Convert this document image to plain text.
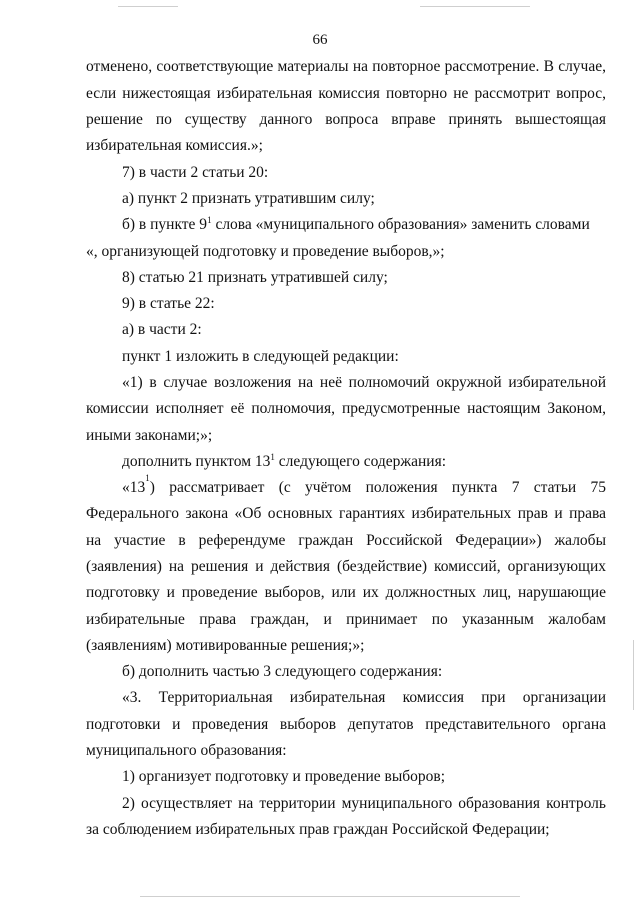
66
отменено, соответствующие материалы на повторное рассмотрение. В случае,
если нижестоящая избирательная комиссия повторно не рассмотрит вопрос,
решение по существу данного вопроса вправе принять вышестоящая
избирательная комиссия.»;
7) в части 2 статьи 20:
а) пункт 2 признать утратившим силу;
б) в пункте $9^1$ слова «муниципального образования» заменить словами
«, организующей подготовку и проведение выборов,»;
8) статью 21 признать утратившей силу;
9) в статье 22:
а) в части 2:
пункт 1 изложить в следующей редакции:
«1) в случае возложения на неё полномочий окружной избирательной
комиссии исполняет её полномочия, предусмотренные настоящим Законом,
иными законами;»;
дополнить пунктом $13^1$ следующего содержания:
«13
1
) рассматривает (с учётом положения пункта 7 статьи 75
Федерального закона «Об основных гарантиях избирательных прав и права
на участие в референдуме граждан Российской Федерации») жалобы
(заявления) на решения и действия (бездействие) комиссий, организующих
подготовку и проведение выборов, или их должностных лиц, нарушающие
избирательные права граждан, и принимает по указанным жалобам
(заявлениям) мотивированные решения;»;
б) дополнить частью 3 следующего содержания:
«3. Территориальная избирательная комиссия при организации
подготовки и проведения выборов депутатов представительного органа
муниципального образования:
1) организует подготовку и проведение выборов;
2) осуществляет на территории муниципального образования контроль
за соблюдением избирательных прав граждан Российской Федерации;
